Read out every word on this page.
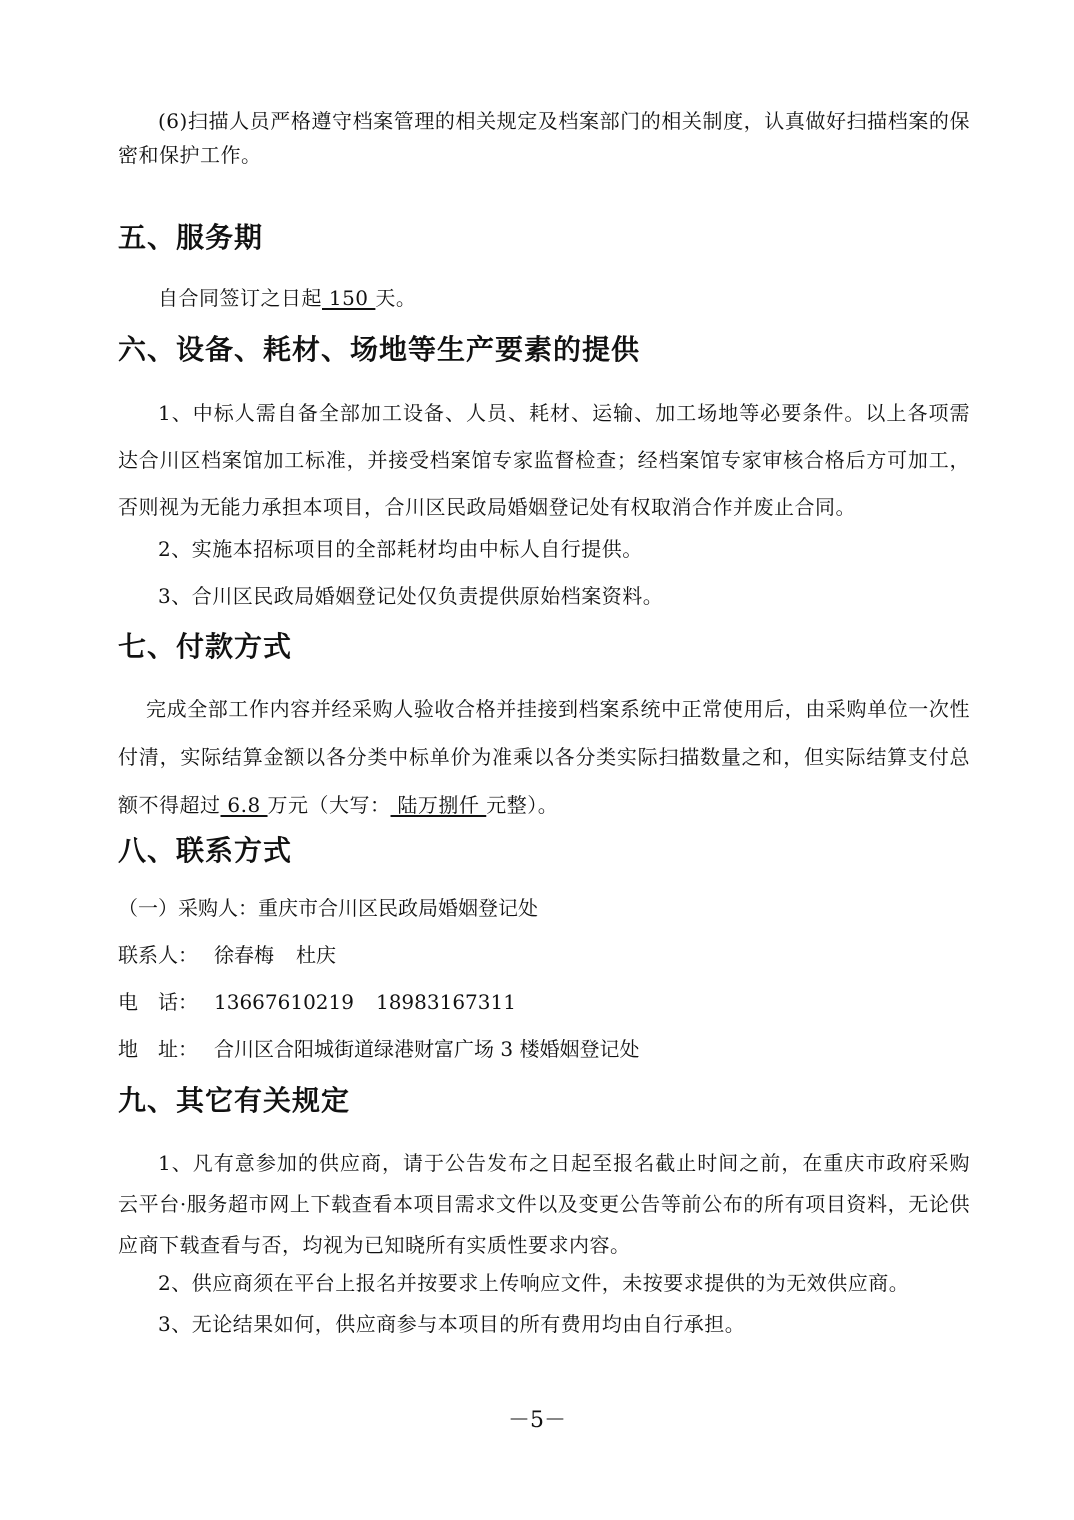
(6)扫描人员严格遵守档案管理的相关规定及档案部门的相关制度，认真做好扫描档案的保密和保护工作。

五、服务期

自合同签订之日起 150 天。

六、设备、耗材、场地等生产要素的提供

1、中标人需自备全部加工设备、人员、耗材、运输、加工场地等必要条件。以上各项需达合川区档案馆加工标准，并接受档案馆专家监督检查；经档案馆专家审核合格后方可加工，否则视为无能力承担本项目，合川区民政局婚姻登记处有权取消合作并废止合同。

2、实施本招标项目的全部耗材均由中标人自行提供。

3、合川区民政局婚姻登记处仅负责提供原始档案资料。

七、付款方式

完成全部工作内容并经采购人验收合格并挂接到档案系统中正常使用后，由采购单位一次性付清，实际结算金额以各分类中标单价为准乘以各分类实际扫描数量之和，但实际结算支付总额不得超过 6.8 万元（大写： 陆万捌仟 元整）。

八、联系方式

（一）采购人：重庆市合川区民政局婚姻登记处

联系人： 徐春梅 杜庆

电　话： 13667610219 18983167311

地　址： 合川区合阳城街道绿港财富广场 3 楼婚姻登记处

九、其它有关规定

1、凡有意参加的供应商，请于公告发布之日起至报名截止时间之前，在重庆市政府采购云平台·服务超市网上下载查看本项目需求文件以及变更公告等前公布的所有项目资料，无论供应商下载查看与否，均视为已知晓所有实质性要求内容。

2、供应商须在平台上报名并按要求上传响应文件，未按要求提供的为无效供应商。

3、无论结果如何，供应商参与本项目的所有费用均由自行承担。

－5－
